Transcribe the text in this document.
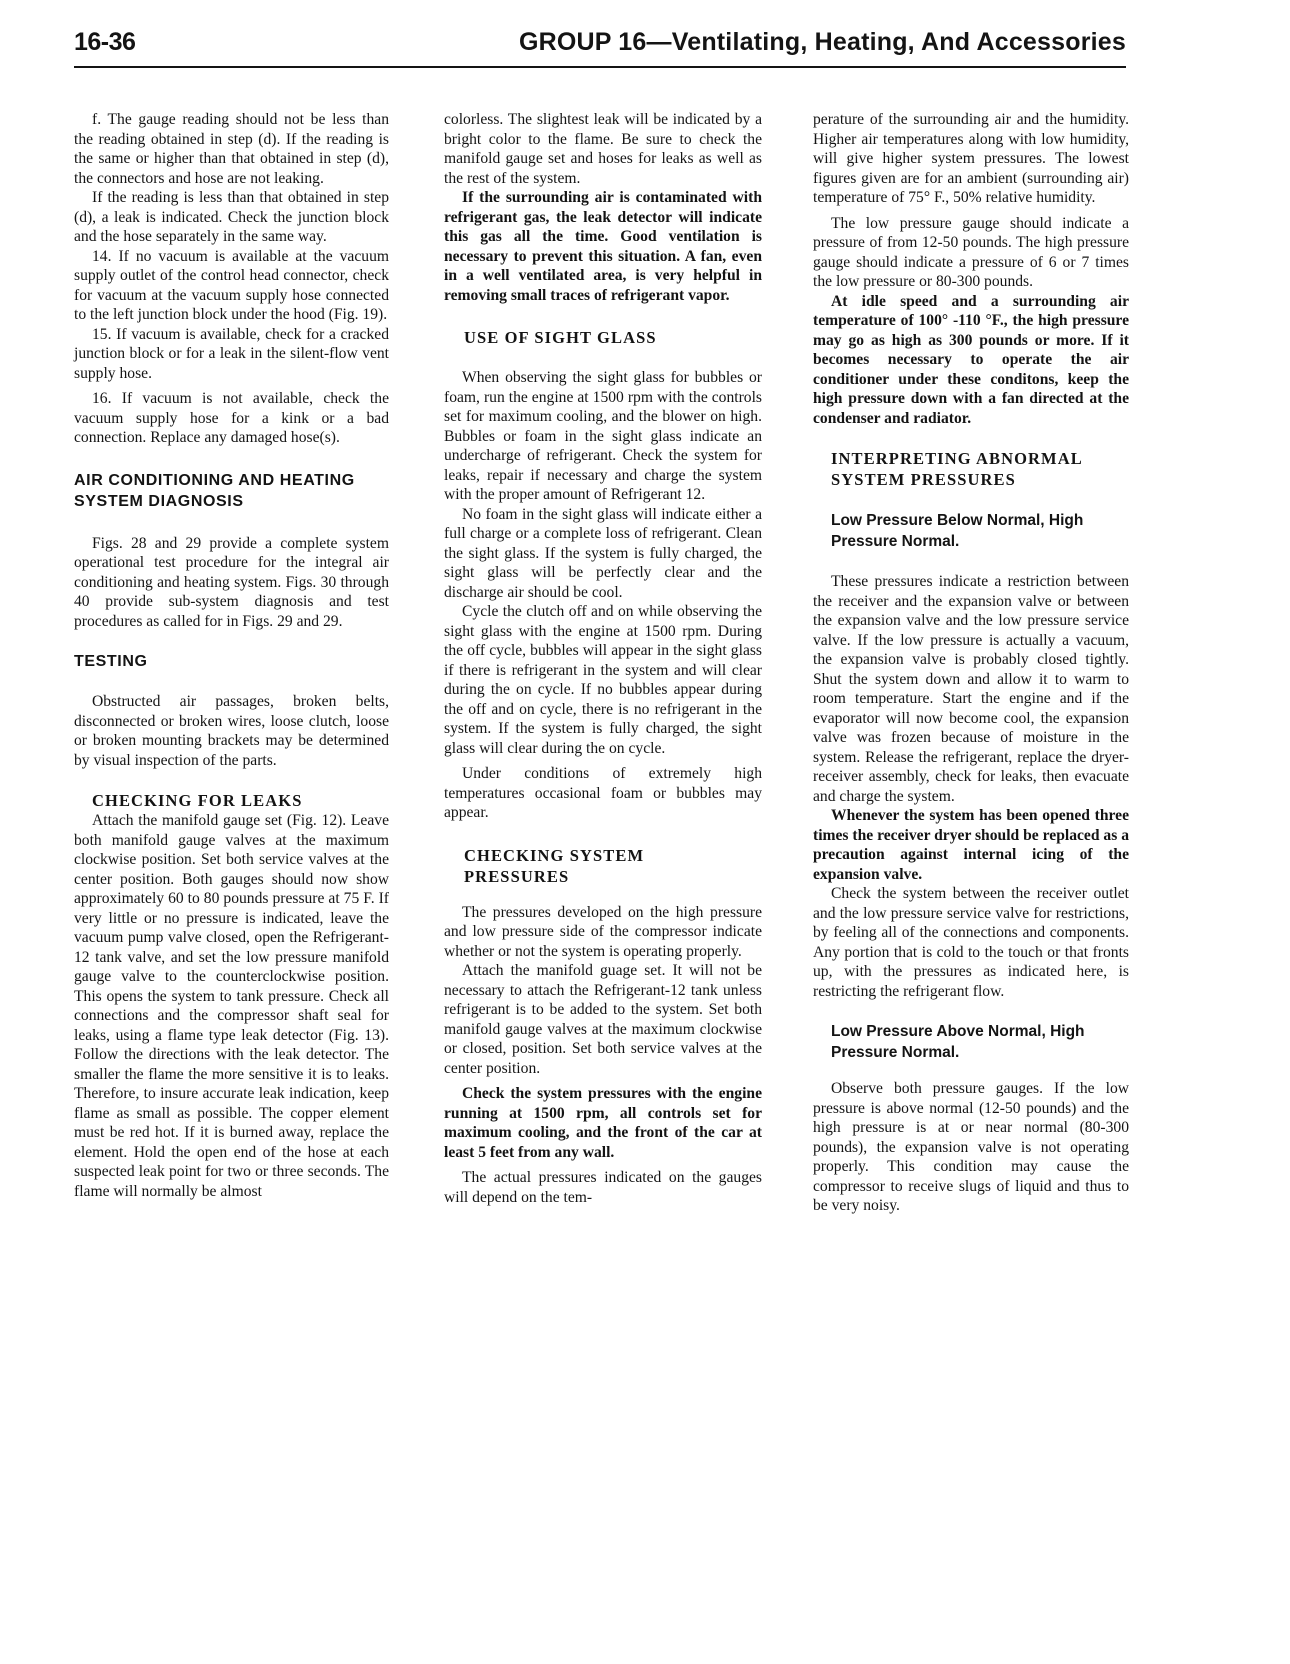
16-36	GROUP 16—Ventilating, Heating, And Accessories

f. The gauge reading should not be less than the reading obtained in step (d). If the reading is the same or higher than that obtained in step (d), the connectors and hose are not leaking.

If the reading is less than that obtained in step (d), a leak is indicated. Check the junction block and the hose separately in the same way.

14. If no vacuum is available at the vacuum supply outlet of the control head connector, check for vacuum at the vacuum supply hose connected to the left junction block under the hood (Fig. 19).

15. If vacuum is available, check for a cracked junction block or for a leak in the silent-flow vent supply hose.

16. If vacuum is not available, check the vacuum supply hose for a kink or a bad connection. Replace any damaged hose(s).

AIR CONDITIONING AND HEATING SYSTEM DIAGNOSIS

Figs. 28 and 29 provide a complete system operational test procedure for the integral air conditioning and heating system. Figs. 30 through 40 provide sub-system diagnosis and test procedures as called for in Figs. 29 and 29.

TESTING

Obstructed air passages, broken belts, disconnected or broken wires, loose clutch, loose or broken mounting brackets may be determined by visual inspection of the parts.

CHECKING FOR LEAKS

Attach the manifold gauge set (Fig. 12). Leave both manifold gauge valves at the maximum clockwise position. Set both service valves at the center position. Both gauges should now show approximately 60 to 80 pounds pressure at 75 F. If very little or no pressure is indicated, leave the vacuum pump valve closed, open the Refrigerant-12 tank valve, and set the low pressure manifold gauge valve to the counterclockwise position. This opens the system to tank pressure. Check all connections and the compressor shaft seal for leaks, using a flame type leak detector (Fig. 13). Follow the directions with the leak detector. The smaller the flame the more sensitive it is to leaks. Therefore, to insure accurate leak indication, keep flame as small as possible. The copper element must be red hot. If it is burned away, replace the element. Hold the open end of the hose at each suspected leak point for two or three seconds. The flame will normally be almost

colorless. The slightest leak will be indicated by a bright color to the flame. Be sure to check the manifold gauge set and hoses for leaks as well as the rest of the system.

If the surrounding air is contaminated with refrigerant gas, the leak detector will indicate this gas all the time. Good ventilation is necessary to prevent this situation. A fan, even in a well ventilated area, is very helpful in removing small traces of refrigerant vapor.

USE OF SIGHT GLASS

When observing the sight glass for bubbles or foam, run the engine at 1500 rpm with the controls set for maximum cooling, and the blower on high. Bubbles or foam in the sight glass indicate an undercharge of refrigerant. Check the system for leaks, repair if necessary and charge the system with the proper amount of Refrigerant 12.

No foam in the sight glass will indicate either a full charge or a complete loss of refrigerant. Clean the sight glass. If the system is fully charged, the sight glass will be perfectly clear and the discharge air should be cool.

Cycle the clutch off and on while observing the sight glass with the engine at 1500 rpm. During the off cycle, bubbles will appear in the sight glass if there is refrigerant in the system and will clear during the on cycle. If no bubbles appear during the off and on cycle, there is no refrigerant in the system. If the system is fully charged, the sight glass will clear during the on cycle.

Under conditions of extremely high temperatures occasional foam or bubbles may appear.

CHECKING SYSTEM PRESSURES

The pressures developed on the high pressure and low pressure side of the compressor indicate whether or not the system is operating properly.

Attach the manifold guage set. It will not be necessary to attach the Refrigerant-12 tank unless refrigerant is to be added to the system. Set both manifold gauge valves at the maximum clockwise or closed, position. Set both service valves at the center position.

Check the system pressures with the engine running at 1500 rpm, all controls set for maximum cooling, and the front of the car at least 5 feet from any wall.

The actual pressures indicated on the gauges will depend on the tem-

perature of the surrounding air and the humidity. Higher air temperatures along with low humidity, will give higher system pressures. The lowest figures given are for an ambient (surrounding air) temperature of 75° F., 50% relative humidity.

The low pressure gauge should indicate a pressure of from 12-50 pounds. The high pressure gauge should indicate a pressure of 6 or 7 times the low pressure or 80-300 pounds.

At idle speed and a surrounding air temperature of 100° -110 °F., the high pressure may go as high as 300 pounds or more. If it becomes necessary to operate the air conditioner under these conditons, keep the high pressure down with a fan directed at the condenser and radiator.

INTERPRETING ABNORMAL SYSTEM PRESSURES
Low Pressure Below Normal, High Pressure Normal.

These pressures indicate a restriction between the receiver and the expansion valve or between the expansion valve and the low pressure service valve. If the low pressure is actually a vacuum, the expansion valve is probably closed tightly. Shut the system down and allow it to warm to room temperature. Start the engine and if the evaporator will now become cool, the expansion valve was frozen because of moisture in the system. Release the refrigerant, replace the dryer-receiver assembly, check for leaks, then evacuate and charge the system.

Whenever the system has been opened three times the receiver dryer should be replaced as a precaution against internal icing of the expansion valve.

Check the system between the receiver outlet and the low pressure service valve for restrictions, by feeling all of the connections and components. Any portion that is cold to the touch or that fronts up, with the pressures as indicated here, is restricting the refrigerant flow.

Low Pressure Above Normal, High Pressure Normal.

Observe both pressure gauges. If the low pressure is above normal (12-50 pounds) and the high pressure is at or near normal (80-300 pounds), the expansion valve is not operating properly. This condition may cause the compressor to receive slugs of liquid and thus to be very noisy.
